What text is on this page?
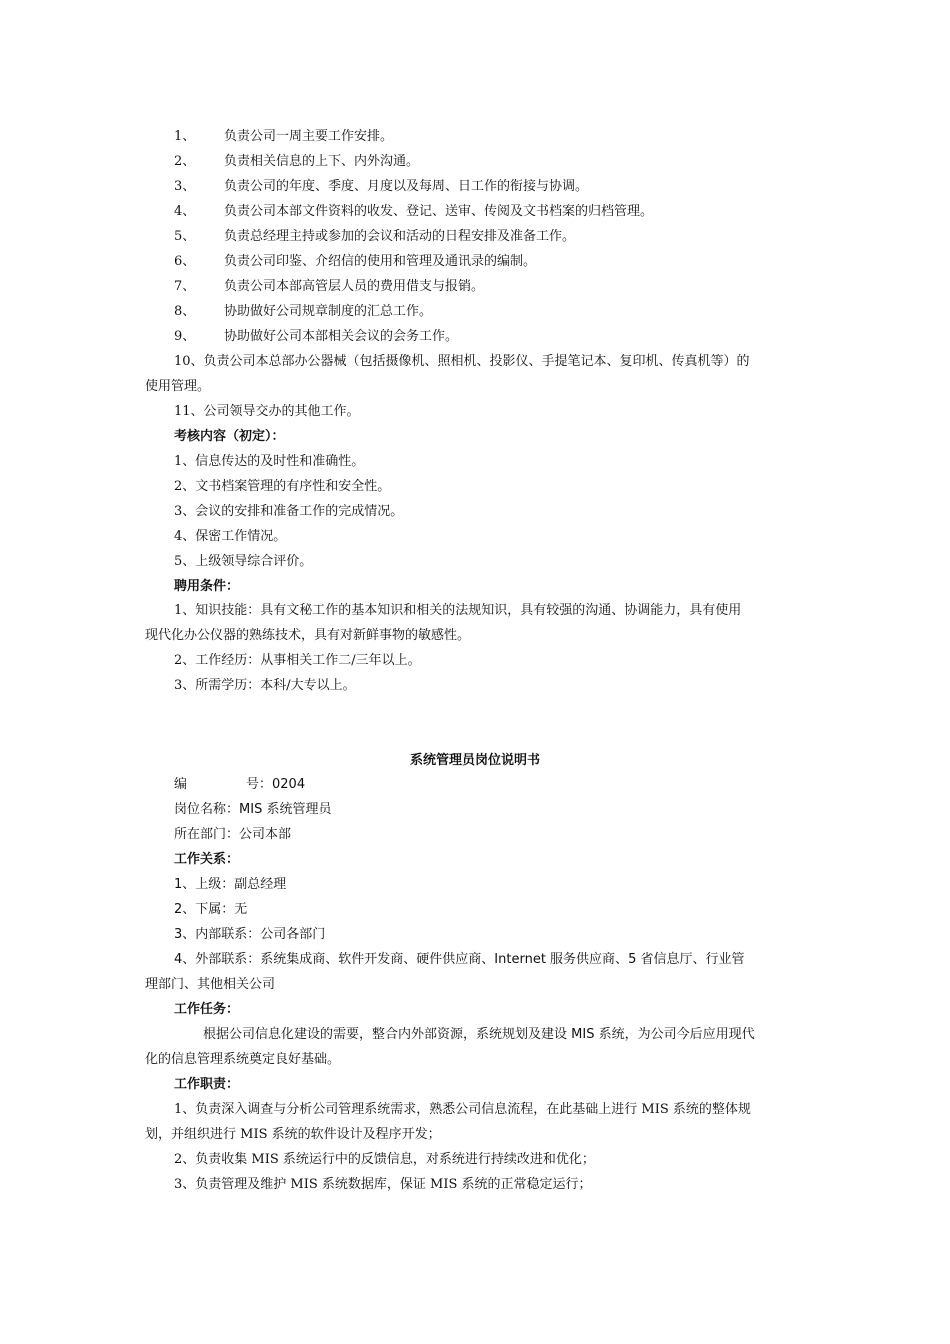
1、 负责公司一周主要工作安排。
2、 负责相关信息的上下、内外沟通。
3、 负责公司的年度、季度、月度以及每周、日工作的衔接与协调。
4、 负责公司本部文件资料的收发、登记、送审、传阅及文书档案的归档管理。
5、 负责总经理主持或参加的会议和活动的日程安排及准备工作。
6、 负责公司印鉴、介绍信的使用和管理及通讯录的编制。
7、 负责公司本部高管层人员的费用借支与报销。
8、 协助做好公司规章制度的汇总工作。
9、 协助做好公司本部相关会议的会务工作。
10、负责公司本总部办公器械（包括摄像机、照相机、投影仪、手提笔记本、复印机、传真机等）的
使用管理。
11、公司领导交办的其他工作。
考核内容（初定）：
1、信息传达的及时性和准确性。
2、文书档案管理的有序性和安全性。
3、会议的安排和准备工作的完成情况。
4、保密工作情况。
5、上级领导综合评价。
聘用条件：
1、知识技能：具有文秘工作的基本知识和相关的法规知识，具有较强的沟通、协调能力，具有使用
现代化办公仪器的熟练技术，具有对新鲜事物的敏感性。
2、工作经历：从事相关工作二/三年以上。
3、所需学历：本科/大专以上。
系统管理员岗位说明书
编	号：0204
岗位名称：MIS 系统管理员
所在部门：公司本部
工作关系：
1、上级：副总经理
2、下属：无
3、内部联系：公司各部门
4、外部联系：系统集成商、软件开发商、硬件供应商、Internet 服务供应商、5 省信息厅、行业管
理部门、其他相关公司
工作任务：
根据公司信息化建设的需要，整合内外部资源，系统规划及建设 MIS 系统，为公司今后应用现代
化的信息管理系统奠定良好基础。
工作职责：
1、负责深入调查与分析公司管理系统需求，熟悉公司信息流程，在此基础上进行 MIS 系统的整体规
划，并组织进行 MIS 系统的软件设计及程序开发；
2、负责收集 MIS 系统运行中的反馈信息，对系统进行持续改进和优化；
3、负责管理及维护 MIS 系统数据库，保证 MIS 系统的正常稳定运行；
